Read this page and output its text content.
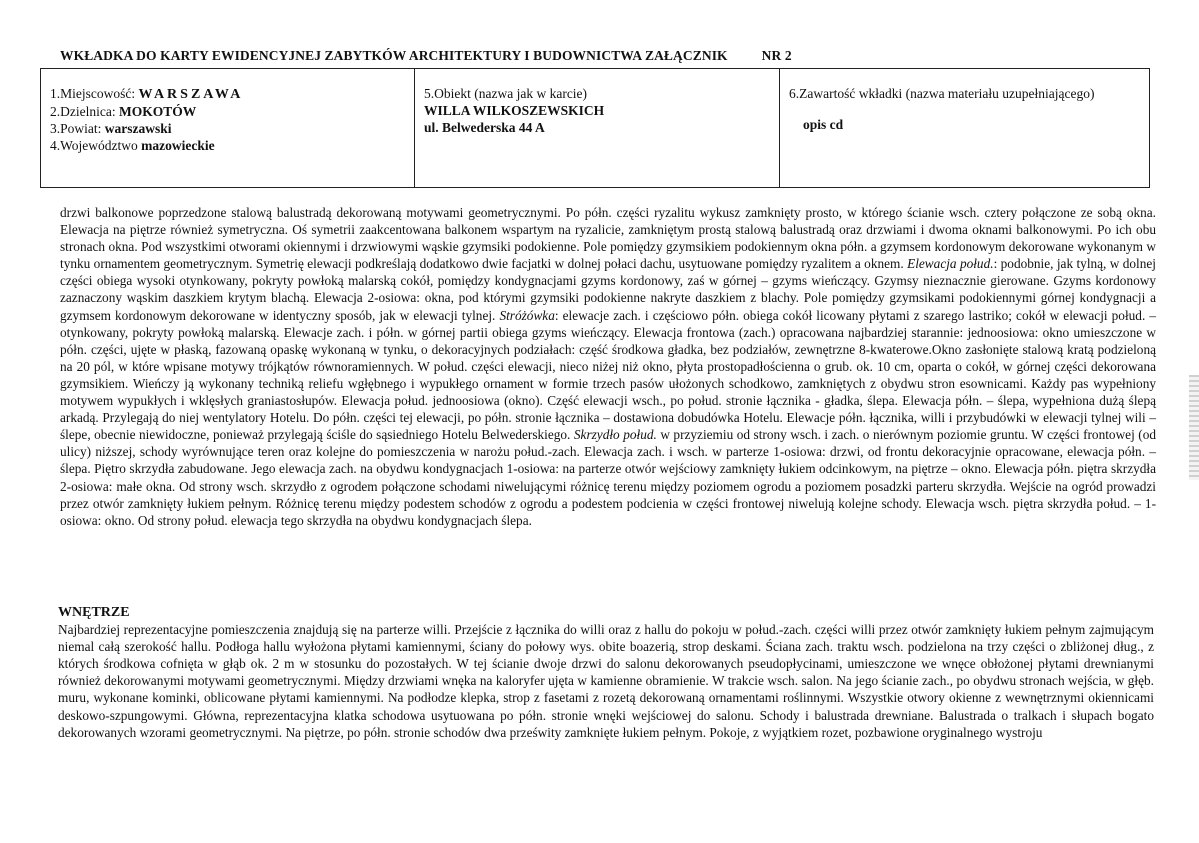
WKŁADKA DO KARTY EWIDENCYJNEJ ZABYTKÓW ARCHITEKTURY I BUDOWNICTWA ZAŁĄCZNIK	NR 2
1.Miejscowość: WARSZAWA
2.Dzielnica: MOKOTÓW
3.Powiat: warszawski
4.Województwo mazowieckie
5.Obiekt (nazwa jak w karcie)
WILLA WILKOSZEWSKICH
ul. Belwederska 44 A
6.Zawartość wkładki (nazwa materiału uzupełniającego)
opis cd

drzwi balkonowe poprzedzone stalową balustradą dekorowaną motywami geometrycznymi. Po półn. części ryzalitu wykusz zamknięty prosto, w którego ścianie wsch. cztery połączone ze sobą okna. Elewacja na piętrze również symetryczna. Oś symetrii zaakcentowana balkonem wspartym na ryzalicie, zamkniętym prostą stalową balustradą oraz drzwiami i dwoma oknami balkonowymi. Po ich obu stronach okna. Pod wszystkimi otworami okiennymi i drzwiowymi wąskie gzymsiki podokienne. Pole pomiędzy gzymsikiem podokiennym okna półn. a gzymsem kordonowym dekorowane wykonanym w tynku ornamentem geometrycznym. Symetrię elewacji podkreślają dodatkowo dwie facjatki w dolnej połaci dachu, usytuowane pomiędzy ryzalitem a oknem. Elewacja połud.: podobnie, jak tylną, w dolnej części obiega wysoki otynkowany, pokryty powłoką malarską cokół, pomiędzy kondygnacjami gzyms kordonowy, zaś w górnej – gzyms wieńczący. Gzymsy nieznacznie gierowane. Gzyms kordonowy zaznaczony wąskim daszkiem krytym blachą. Elewacja 2-osiowa: okna, pod którymi gzymsiki podokienne nakryte daszkiem z blachy. Pole pomiędzy gzymsikami podokiennymi górnej kondygnacji a gzymsem kordonowym dekorowane w identyczny sposób, jak w elewacji tylnej. Stróżówka: elewacje zach. i częściowo półn. obiega cokół licowany płytami z szarego lastriko; cokół w elewacji połud. – otynkowany, pokryty powłoką malarską. Elewacje zach. i półn. w górnej partii obiega gzyms wieńczący. Elewacja frontowa (zach.) opracowana najbardziej starannie: jednoosiowa: okno umieszczone w półn. części, ujęte w płaską, fazowaną opaskę wykonaną w tynku, o dekoracyjnych podziałach: część środkowa gładka, bez podziałów, zewnętrzne 8-kwaterowe.Okno zasłonięte stalową kratą podzieloną na 20 pól, w które wpisane motywy trójkątów równoramiennych. W połud. części elewacji, nieco niżej niż okno, płyta prostopadłościenna o grub. ok. 10 cm, oparta o cokół, w górnej części dekorowana gzymsikiem. Wieńczy ją wykonany techniką reliefu wgłębnego i wypukłego ornament w formie trzech pasów ułożonych schodkowo, zamkniętych z obydwu stron esownicami. Każdy pas wypełniony motywem wypukłych i wklęsłych graniastosłupów. Elewacja połud. jednoosiowa (okno). Część elewacji wsch., po połud. stronie łącznika - gładka, ślepa. Elewacja półn. – ślepa, wypełniona dużą ślepą arkadą. Przylegają do niej wentylatory Hotelu. Do półn. części tej elewacji, po półn. stronie łącznika – dostawiona dobudówka Hotelu. Elewacje półn. łącznika, willi i przybudówki w elewacji tylnej wili – ślepe, obecnie niewidoczne, ponieważ przylegają ściśle do sąsiedniego Hotelu Belwederskiego. Skrzydło połud. w przyziemiu od strony wsch. i zach. o nierównym poziomie gruntu. W części frontowej (od ulicy) niższej, schody wyrównujące teren oraz kolejne do pomieszczenia w narożu połud.-zach. Elewacja zach. i wsch. w parterze 1-osiowa: drzwi, od frontu dekoracyjnie opracowane, elewacja półn. –ślepa. Piętro skrzydła zabudowane. Jego elewacja zach. na obydwu kondygnacjach 1-osiowa: na parterze otwór wejściowy zamknięty łukiem odcinkowym, na piętrze – okno. Elewacja półn. piętra skrzydła 2-osiowa: małe okna. Od strony wsch. skrzydło z ogrodem połączone schodami niwelującymi różnicę terenu między poziomem ogrodu a poziomem posadzki parteru skrzydła. Wejście na ogród prowadzi przez otwór zamknięty łukiem pełnym. Różnicę terenu między podestem schodów z ogrodu a podestem podcienia w części frontowej niwelują kolejne schody. Elewacja wsch. piętra skrzydła połud. – 1-osiowa: okno. Od strony połud. elewacja tego skrzydła na obydwu kondygnacjach ślepa.

WNĘTRZE

Najbardziej reprezentacyjne pomieszczenia znajdują się na parterze willi. Przejście z łącznika do willi oraz z hallu do pokoju w połud.-zach. części willi przez otwór zamknięty łukiem pełnym zajmującym niemal całą szerokość hallu. Podłoga hallu wyłożona płytami kamiennymi, ściany do połowy wys. obite boazerią, strop deskami. Ściana zach. traktu wsch. podzielona na trzy części o zbliżonej dług., z których środkowa cofnięta w głąb ok. 2 m w stosunku do pozostałych. W tej ścianie dwoje drzwi do salonu dekorowanych pseudopłycinami, umieszczone we wnęce obłożonej płytami drewnianymi również dekorowanymi motywami geometrycznymi. Między drzwiami wnęka na kaloryfer ujęta w kamienne obramienie. W trakcie wsch. salon. Na jego ścianie zach., po obydwu stronach wejścia, w głęb. muru, wykonane kominki, oblicowane płytami kamiennymi. Na podłodze klepka, strop z fasetami z rozetą dekorowaną ornamentami roślinnymi. Wszystkie otwory okienne z wewnętrznymi okiennicami deskowo-szpungowymi. Główna, reprezentacyjna klatka schodowa usytuowana po półn. stronie wnęki wejściowej do salonu. Schody i balustrada drewniane. Balustrada o tralkach i słupach bogato dekorowanych wzorami geometrycznymi. Na piętrze, po półn. stronie schodów dwa prześwity zamknięte łukiem pełnym. Pokoje, z wyjątkiem rozet, pozbawione oryginalnego wystroju
